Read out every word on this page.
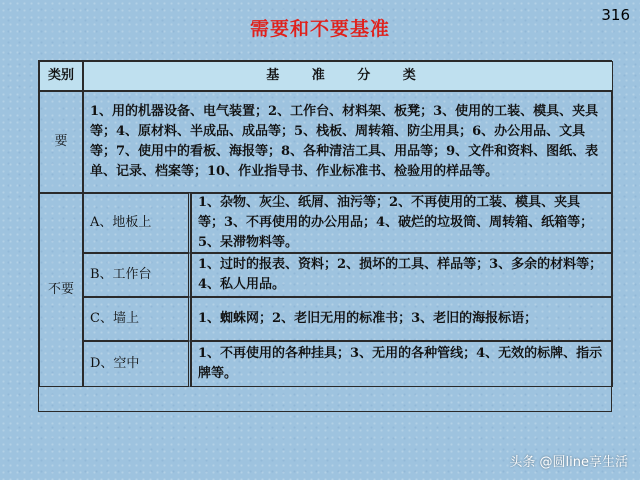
需要和不要基准
316
类别	基 准 分 类
要
1、用的机器设备、电气装置；2、工作台、材料架、板凳；3、使用的工装、模具、夹具等；4、原材料、半成品、成品等；5、栈板、周转箱、防尘用具；6、办公用品、文具等；7、使用中的看板、海报等；8、各种清洁工具、用品等；9、文件和资料、图纸、表单、记录、档案等；10、作业指导书、作业标准书、检验用的样品等。
不要
A、地板上
1、杂物、灰尘、纸屑、油污等；2、不再使用的工装、模具、夹具等；3、不再使用的办公用品；4、破烂的垃圾筒、周转箱、纸箱等；5、呆滞物料等。
B、工作台
1、过时的报表、资料；2、损坏的工具、样品等；3、多余的材料等；4、私人用品。
C、墙上	1、蜘蛛网；2、老旧无用的标准书；3、老旧的海报标语；
D、空中
1、不再使用的各种挂具；3、无用的各种管线；4、无效的标牌、指示牌等。
头条 @圆line享生活
